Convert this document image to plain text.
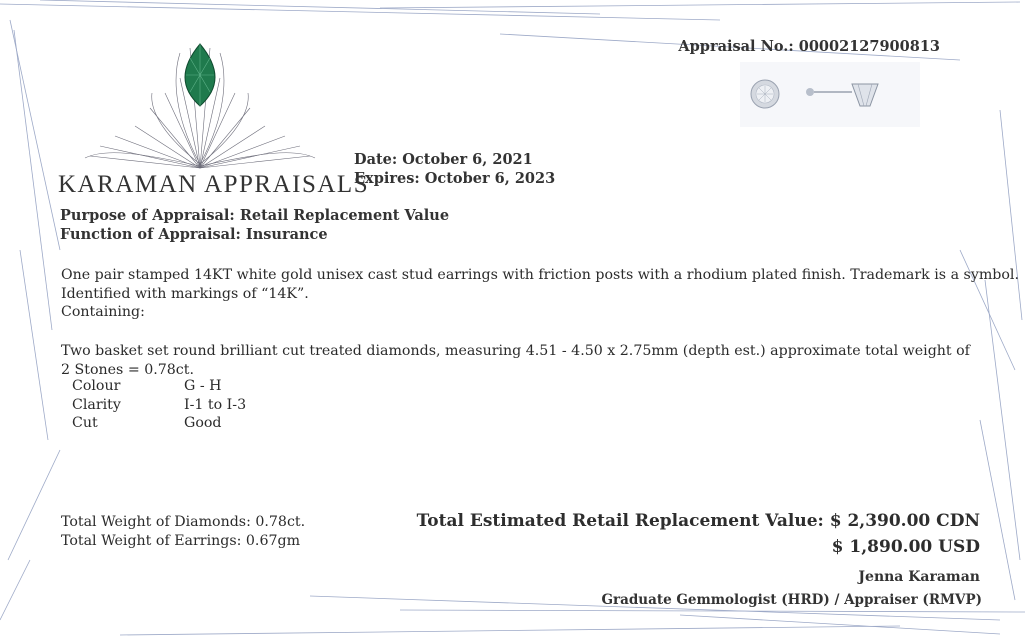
Appraisal No.: 00002127900813
KARAMAN APPRAISALS
Date: October 6, 2021
Expires: October 6, 2023
Purpose of Appraisal: Retail Replacement Value
Function of Appraisal: Insurance
One pair stamped 14KT white gold unisex cast stud earrings with friction posts with a rhodium plated finish. Trademark is a symbol.
Identified with markings of “14K”.
Containing:
Two basket set round brilliant cut treated diamonds, measuring 4.51 - 4.50 x 2.75mm (depth est.) approximate total weight of
2 Stones = 0.78ct.
Colour	G - H
Clarity	I-1 to I-3
Cut	Good
Total Weight of Diamonds: 0.78ct.
Total Weight of Earrings: 0.67gm
Total Estimated Retail Replacement Value: $ 2,390.00 CDN
$ 1,890.00 USD
Jenna Karaman
Graduate Gemmologist (HRD) / Appraiser (RMVP)
